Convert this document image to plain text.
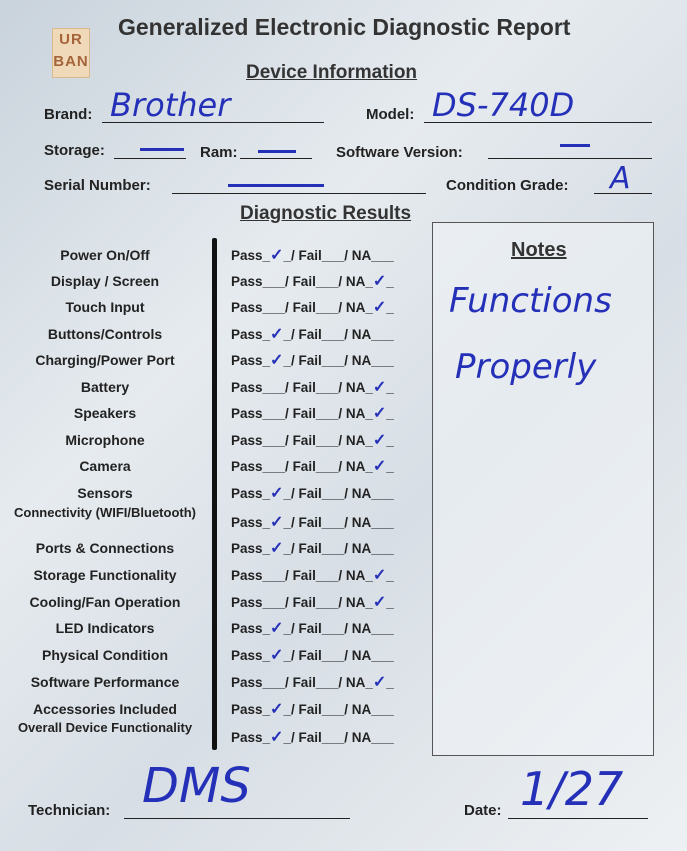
UR
BAN
Generalized Electronic Diagnostic Report
Device Information
Brand: Brother	Model: DS-740D
Storage:	Ram:	Software Version:
Serial Number:	Condition Grade: A
Diagnostic Results
Power On/Off	Pass_✓_/ Fail___/ NA___
Display / Screen	Pass___/ Fail___/ NA_✓_
Touch Input	Pass___/ Fail___/ NA_✓_
Buttons/Controls	Pass_✓_/ Fail___/ NA___
Charging/Power Port	Pass_✓_/ Fail___/ NA___
Battery	Pass___/ Fail___/ NA_✓_
Speakers	Pass___/ Fail___/ NA_✓_
Microphone	Pass___/ Fail___/ NA_✓_
Camera	Pass___/ Fail___/ NA_✓_
Sensors	Pass_✓_/ Fail___/ NA___
Connectivity (WIFI/Bluetooth)
Pass_✓_/ Fail___/ NA___
Ports & Connections	Pass_✓_/ Fail___/ NA___
Storage Functionality	Pass___/ Fail___/ NA_✓_
Cooling/Fan Operation	Pass___/ Fail___/ NA_✓_
LED Indicators	Pass_✓_/ Fail___/ NA___
Physical Condition	Pass_✓_/ Fail___/ NA___
Software Performance	Pass___/ Fail___/ NA_✓_
Accessories Included	Pass_✓_/ Fail___/ NA___
Overall Device Functionality
Pass_✓_/ Fail___/ NA___
Notes
Functions
Properly
Technician: DMS	Date: 1/27
